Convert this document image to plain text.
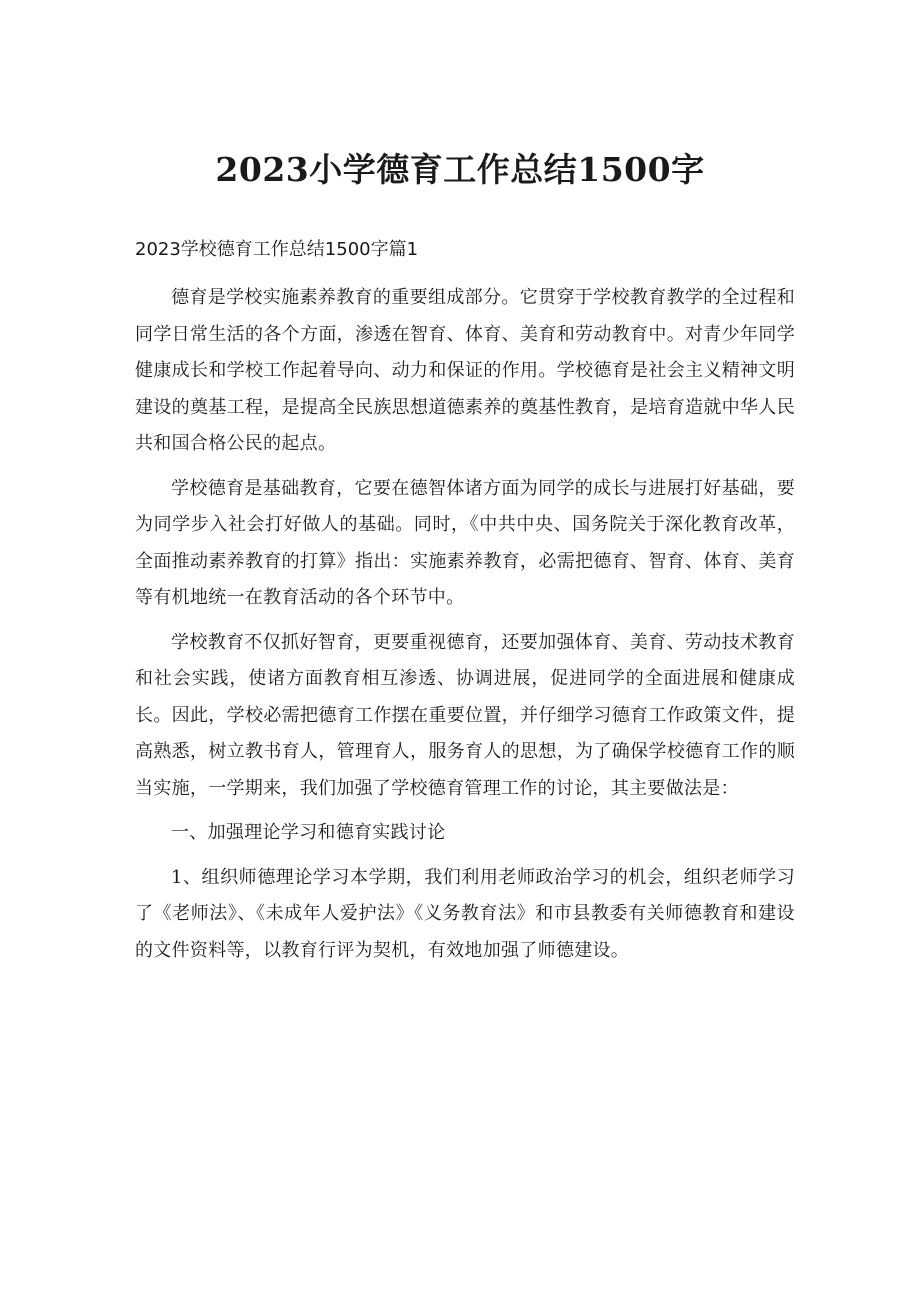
2023小学德育工作总结1500字
2023学校德育工作总结1500字篇1

德育是学校实施素养教育的重要组成部分。它贯穿于学校教育教学的全过程和同学日常生活的各个方面，渗透在智育、体育、美育和劳动教育中。对青少年同学健康成长和学校工作起着导向、动力和保证的作用。学校德育是社会主义精神文明建设的奠基工程，是提高全民族思想道德素养的奠基性教育，是培育造就中华人民共和国合格公民的起点。

学校德育是基础教育，它要在德智体诸方面为同学的成长与进展打好基础，要为同学步入社会打好做人的基础。同时，《中共中央、国务院关于深化教育改革，全面推动素养教育的打算》指出：实施素养教育，必需把德育、智育、体育、美育等有机地统一在教育活动的各个环节中。

学校教育不仅抓好智育，更要重视德育，还要加强体育、美育、劳动技术教育和社会实践，使诸方面教育相互渗透、协调进展，促进同学的全面进展和健康成长。因此，学校必需把德育工作摆在重要位置，并仔细学习德育工作政策文件，提高熟悉，树立教书育人，管理育人，服务育人的思想，为了确保学校德育工作的顺当实施，一学期来，我们加强了学校德育管理工作的讨论，其主要做法是：

一、加强理论学习和德育实践讨论

1、组织师德理论学习本学期，我们利用老师政治学习的机会，组织老师学习了《老师法》、《未成年人爱护法》《义务教育法》和市县教委有关师德教育和建设的文件资料等，以教育行评为契机，有效地加强了师德建设。
